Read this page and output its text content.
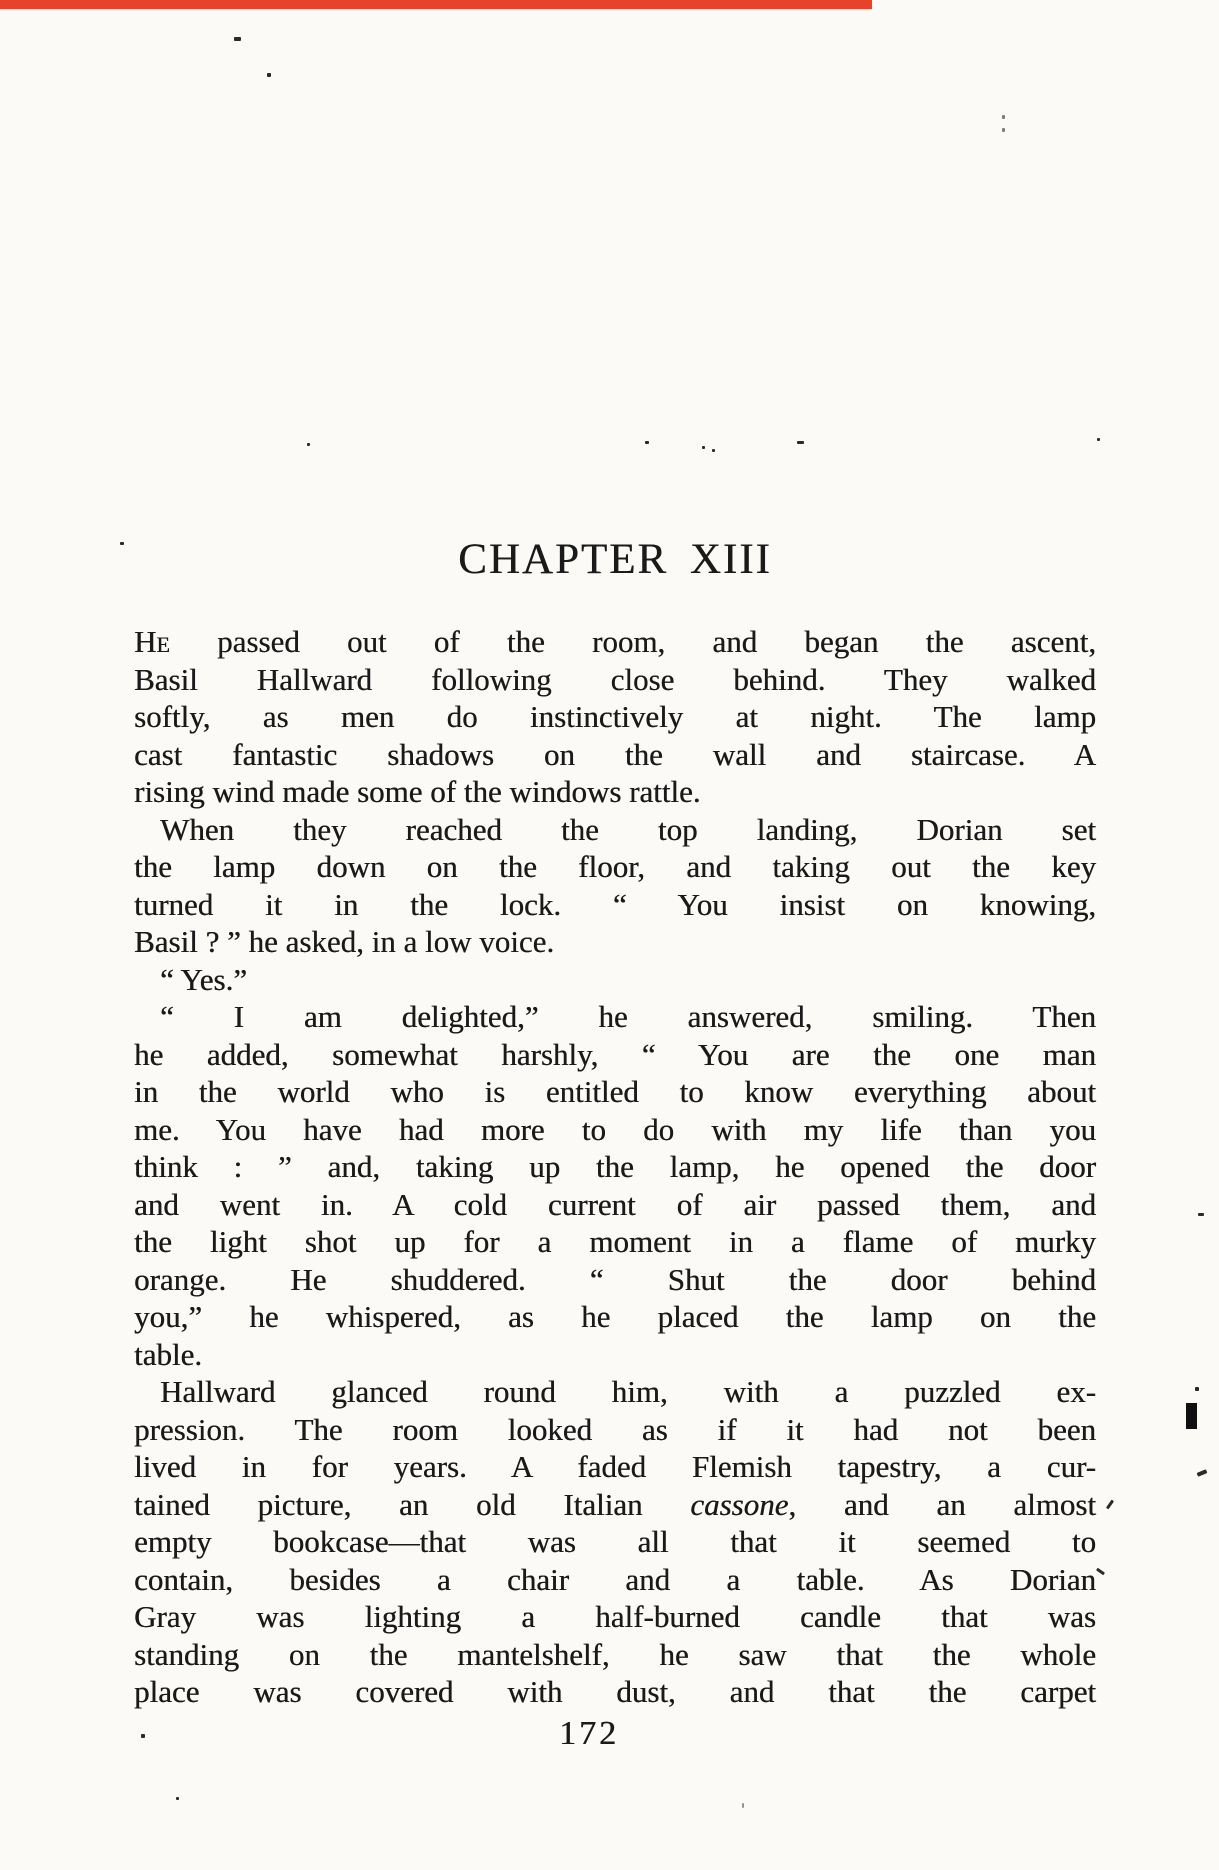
CHAPTER XIII
He passed out of the room, and began the ascent,
Basil Hallward following close behind. They walked
softly, as men do instinctively at night. The lamp
cast fantastic shadows on the wall and staircase. A
rising wind made some of the windows rattle.
When they reached the top landing, Dorian set
the lamp down on the floor, and taking out the key
turned it in the lock. “ You insist on knowing,
Basil ? ” he asked, in a low voice.
“ Yes.”
“ I am delighted,” he answered, smiling. Then
he added, somewhat harshly, “ You are the one man
in the world who is entitled to know everything about
me. You have had more to do with my life than you
think : ” and, taking up the lamp, he opened the door
and went in. A cold current of air passed them, and
the light shot up for a moment in a flame of murky
orange. He shuddered. “ Shut the door behind
you,” he whispered, as he placed the lamp on the
table.
Hallward glanced round him, with a puzzled ex-
pression. The room looked as if it had not been
lived in for years. A faded Flemish tapestry, a cur-
tained picture, an old Italian cassone, and an almost
empty bookcase—that was all that it seemed to
contain, besides a chair and a table. As Dorian
Gray was lighting a half-burned candle that was
standing on the mantelshelf, he saw that the whole
place was covered with dust, and that the carpet
172
